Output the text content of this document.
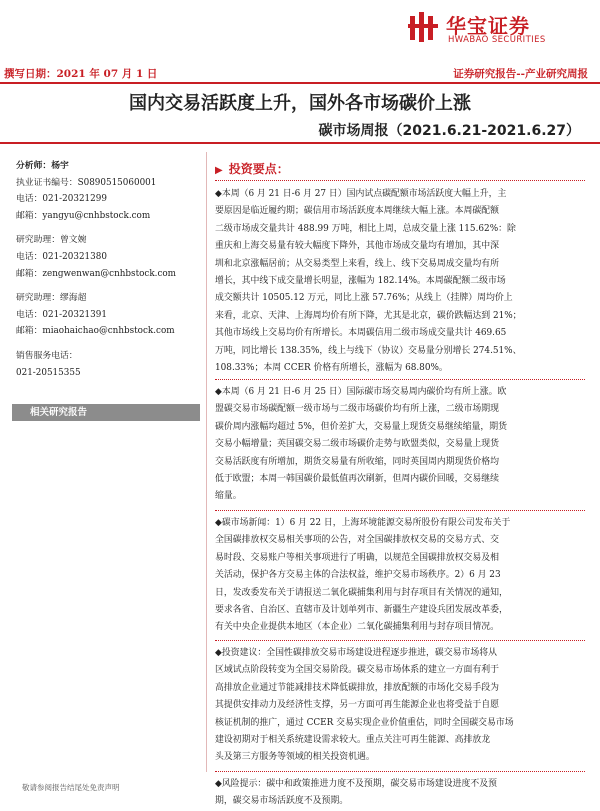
华宝证券
HWABAO SECURITIES
撰写日期：2021 年 07 月 1 日	证券研究报告--产业研究周报
国内交易活跃度上升，国外各市场碳价上涨
碳市场周报（2021.6.21-2021.6.27）
分析师：杨宇
执业证书编号：S0890515060001
电话：021-20321299
邮箱：yangyu@cnhbstock.com
研究助理：曾文婉
电话：021-20321380
邮箱：zengwenwan@cnhbstock.com
研究助理：缪海超
电话：021-20321391
邮箱：miaohaichao@cnhbstock.com
销售服务电话：
021-20515355
相关研究报告
▶ 投资要点：
◆本周（6 月 21 日-6 月 27 日）国内试点碳配额市场活跃度大幅上升，主
要原因是临近履约期；碳信用市场活跃度本周继续大幅上涨。本周碳配额
二级市场成交量共计 488.99 万吨，相比上周，总成交量上涨 115.62%：除
重庆和上海交易量有较大幅度下降外，其他市场成交量均有增加，其中深
圳和北京涨幅居前；从交易类型上来看，线上、线下交易周成交量均有所
增长，其中线下成交量增长明显，涨幅为 182.14%。本周碳配额二级市场
成交额共计 10505.12 万元，同比上涨 57.76%；从线上（挂牌）周均价上
来看，北京、天津、上海周均价有所下降，尤其是北京，碳价跌幅达到 21%；
其他市场线上交易均价有所增长。本周碳信用二级市场成交量共计 469.65
万吨，同比增长 138.35%，线上与线下（协议）交易量分别增长 274.51%、
108.33%；本周 CCER 价格有所增长，涨幅为 68.80%。
◆本周（6 月 21 日-6 月 25 日）国际碳市场交易周内碳价均有所上涨。欧
盟碳交易市场碳配额一级市场与二级市场碳价均有所上涨，二级市场期现
碳价周内涨幅均超过 5%，但价差扩大，交易量上现货交易继续缩量，期货
交易小幅增量；英国碳交易二级市场碳价走势与欧盟类似，交易量上现货
交易活跃度有所增加，期货交易量有所收缩，同时英国周内期现货价格均
低于欧盟；本周一韩国碳价最低值再次刷新，但周内碳价回暖，交易继续
缩量。
◆碳市场新闻：1）6 月 22 日，上海环境能源交易所股份有限公司发布关于
全国碳排放权交易相关事项的公告，对全国碳排放权交易的交易方式、交
易时段、交易账户等相关事项进行了明确，以规范全国碳排放权交易及相
关活动，保护各方交易主体的合法权益，维护交易市场秩序。2）6 月 23
日，发改委发布关于请报送二氧化碳捕集利用与封存项目有关情况的通知，
要求各省、自治区、直辖市及计划单列市、新疆生产建设兵团发展改革委，
有关中央企业提供本地区（本企业）二氧化碳捕集利用与封存项目情况。
◆投资建议：全国性碳排放交易市场建设进程逐步推进，碳交易市场将从
区域试点阶段转变为全国交易阶段。碳交易市场体系的建立一方面有利于
高排放企业通过节能减排技术降低碳排放，排放配额的市场化交易手段为
其提供安排动力及经济性支撑，另一方面可再生能源企业也将受益于自愿
核证机制的推广，通过 CCER 交易实现企业价值重估，同时全国碳交易市场
建设初期对于相关系统建设需求较大。重点关注可再生能源、高排放龙
头及第三方服务等领域的相关投资机遇。
◆风险提示：碳中和政策推进力度不及预期，碳交易市场建设进度不及预
期，碳交易市场活跃度不及预期。
敬请参阅报告结尾处免责声明
